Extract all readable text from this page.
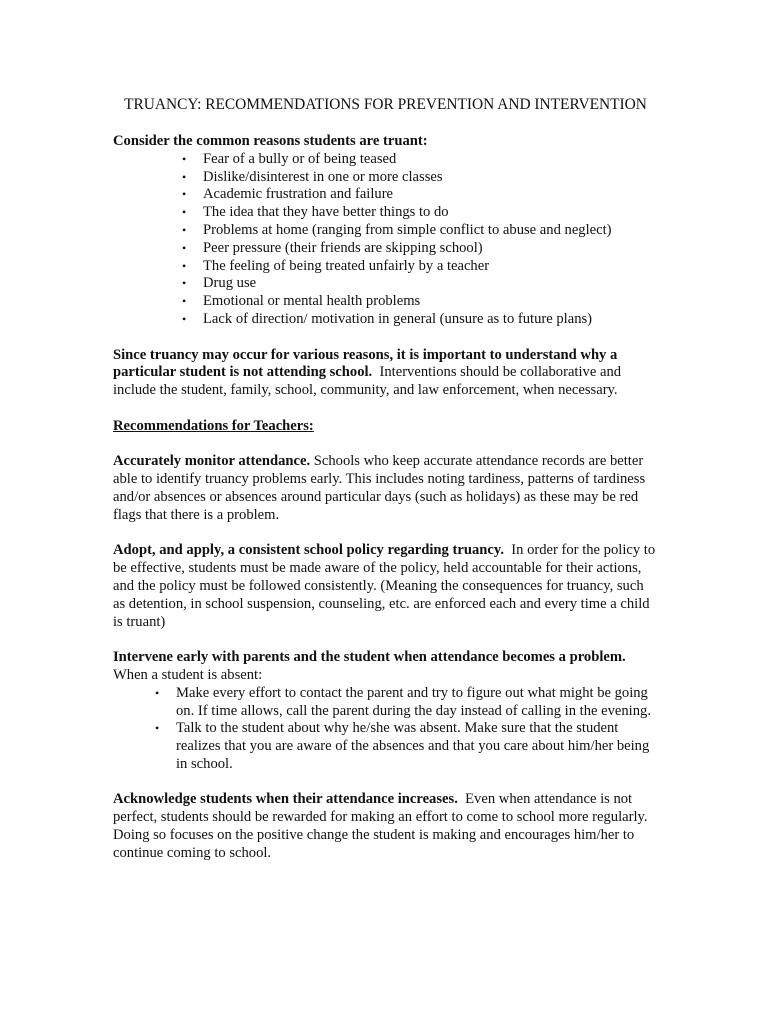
TRUANCY: RECOMMENDATIONS FOR PREVENTION AND INTERVENTION

Consider the common reasons students are truant:

• Fear of a bully or of being teased
• Dislike/disinterest in one or more classes
• Academic frustration and failure
• The idea that they have better things to do
• Problems at home (ranging from simple conflict to abuse and neglect)
• Peer pressure (their friends are skipping school)
• The feeling of being treated unfairly by a teacher
• Drug use
• Emotional or mental health problems
• Lack of direction/ motivation in general (unsure as to future plans)

Since truancy may occur for various reasons, it is important to understand why a particular student is not attending school. Interventions should be collaborative and include the student, family, school, community, and law enforcement, when necessary.

Recommendations for Teachers:

Accurately monitor attendance. Schools who keep accurate attendance records are better able to identify truancy problems early. This includes noting tardiness, patterns of tardiness and/or absences or absences around particular days (such as holidays) as these may be red flags that there is a problem.

Adopt, and apply, a consistent school policy regarding truancy. In order for the policy to be effective, students must be made aware of the policy, held accountable for their actions, and the policy must be followed consistently. (Meaning the consequences for truancy, such as detention, in school suspension, counseling, etc. are enforced each and every time a child is truant)

Intervene early with parents and the student when attendance becomes a problem.
When a student is absent:

• Make every effort to contact the parent and try to figure out what might be going on. If time allows, call the parent during the day instead of calling in the evening.
• Talk to the student about why he/she was absent. Make sure that the student realizes that you are aware of the absences and that you care about him/her being in school.

Acknowledge students when their attendance increases. Even when attendance is not perfect, students should be rewarded for making an effort to come to school more regularly. Doing so focuses on the positive change the student is making and encourages him/her to continue coming to school.
